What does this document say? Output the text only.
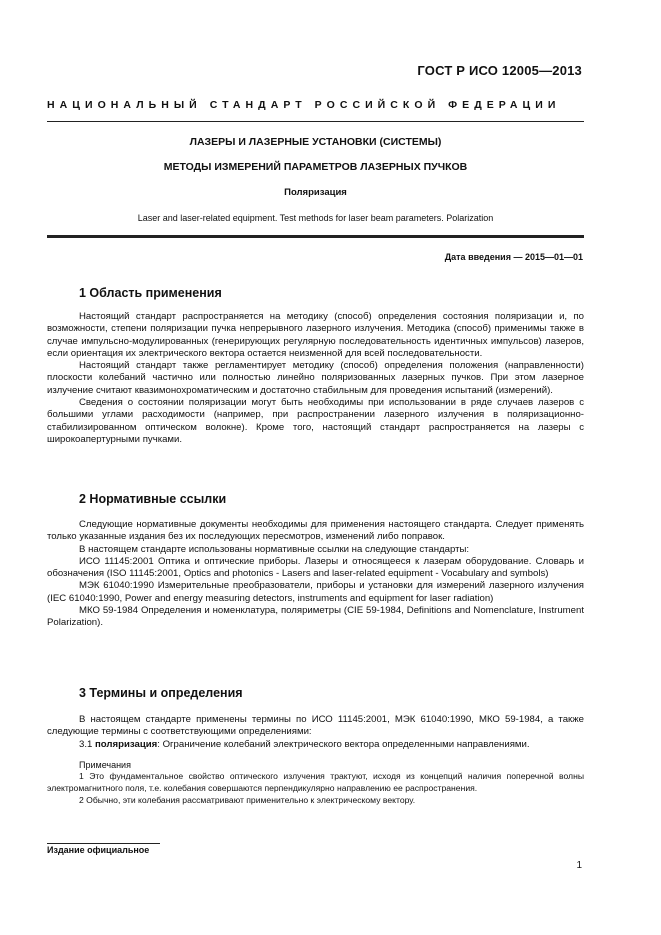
ГОСТ Р ИСО 12005—2013
НАЦИОНАЛЬНЫЙ СТАНДАРТ РОССИЙСКОЙ ФЕДЕРАЦИИ
ЛАЗЕРЫ И ЛАЗЕРНЫЕ УСТАНОВКИ (СИСТЕМЫ)
МЕТОДЫ ИЗМЕРЕНИЙ ПАРАМЕТРОВ ЛАЗЕРНЫХ ПУЧКОВ
Поляризация
Laser and laser-related equipment. Test methods for laser beam parameters. Polarization
Дата введения — 2015—01—01
1 Область применения

Настоящий стандарт распространяется на методику (способ) определения состояния поляризации и, по возможности, степени поляризации пучка непрерывного лазерного излучения. Методика (способ) применимы также в случае импульсно-модулированных (генерирующих регулярную последовательность идентичных импульсов) лазеров, если ориентация их электрического вектора остается неизменной для всей последовательности.

Настоящий стандарт также регламентирует методику (способ) определения положения (направленности) плоскости колебаний частично или полностью линейно поляризованных лазерных пучков. При этом лазерное излучение считают квазимонохроматическим и достаточно стабильным для проведения испытаний (измерений).

Сведения о состоянии поляризации могут быть необходимы при использовании в ряде случаев лазеров с большими углами расходимости (например, при распространении лазерного излучения в поляризационно-стабилизированном оптическом волокне). Кроме того, настоящий стандарт распространяется на лазеры с широкоапертурными пучками.

2 Нормативные ссылки

Следующие нормативные документы необходимы для применения настоящего стандарта. Следует применять только указанные издания без их последующих пересмотров, изменений либо поправок.

В настоящем стандарте использованы нормативные ссылки на следующие стандарты:

ИСО 11145:2001 Оптика и оптические приборы. Лазеры и относящееся к лазерам оборудование. Словарь и обозначения (ISO 11145:2001, Optics and photonics - Lasers and laser-related equipment - Vocabulary and symbols)

МЭК 61040:1990 Измерительные преобразователи, приборы и установки для измерений лазерного излучения (IEC 61040:1990, Power and energy measuring detectors, instruments and equipment for laser radiation)

МКО 59-1984 Определения и номенклатура, поляриметры (CIE 59-1984, Definitions and Nomenclature, Instrument Polarization).

3 Термины и определения

В настоящем стандарте применены термины по ИСО 11145:2001, МЭК 61040:1990, МКО 59-1984, а также следующие термины с соответствующими определениями:

3.1 поляризация: Ограничение колебаний электрического вектора определенными направлениями.

Примечания

1 Это фундаментальное свойство оптического излучения трактуют, исходя из концепций наличия поперечной волны электромагнитного поля, т.е. колебания совершаются перпендикулярно направлению ее распространения.

2 Обычно, эти колебания рассматривают применительно к электрическому вектору.

Издание официальное
1
